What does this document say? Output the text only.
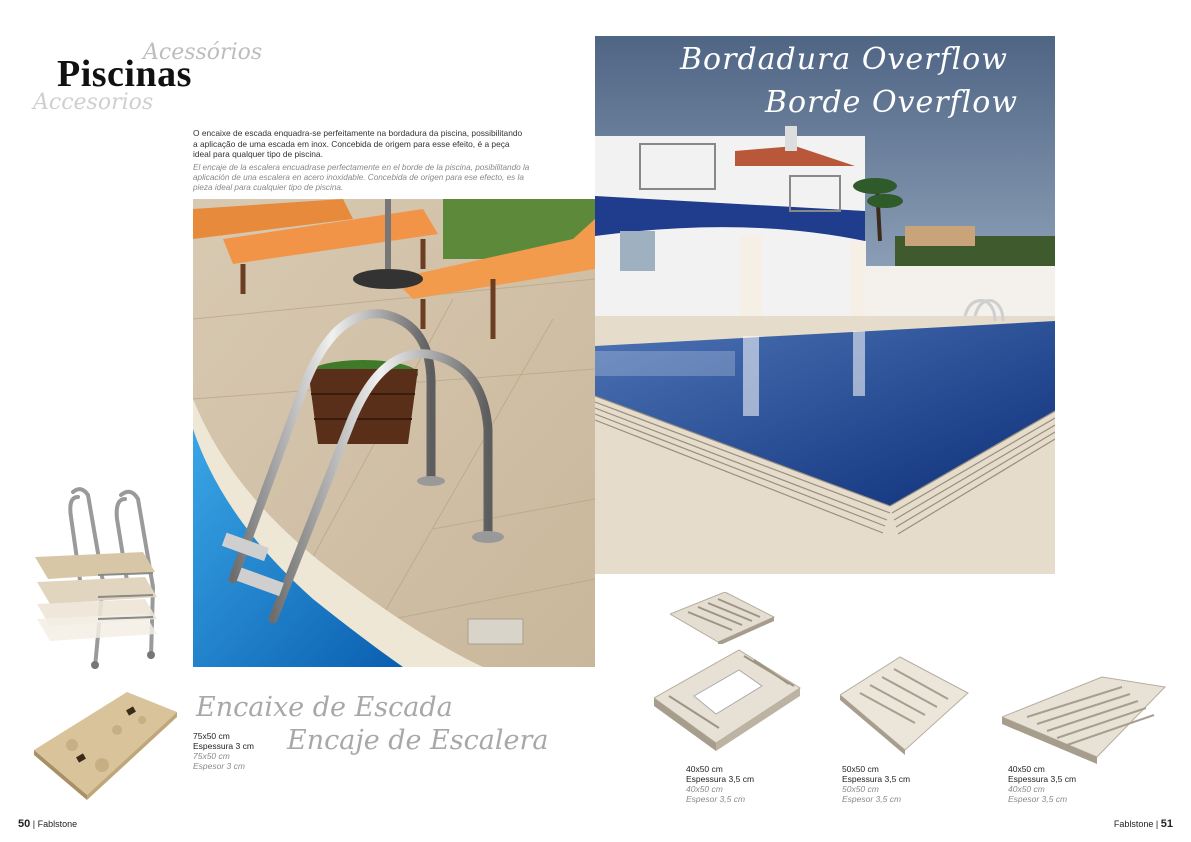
Acessórios
Piscinas
Accesorios
O encaixe de escada enquadra-se perfeitamente na bordadura da piscina, possibilitando a aplicação de uma escada em inox. Concebida de origem para esse efeito, é a peça ideal para qualquer tipo de piscina.
El encaje de la escalera encuadrase perfectamente en el borde de la piscina, posibilitando la aplicación de una escalera en acero inoxidable. Concebida de origen para ese efecto, es la pieza ideal para cualquier tipo de piscina.
Bordadura Overflow
Borde Overflow
Encaixe de Escada
Encaje de Escalera
75x50 cm
Espessura 3 cm
75x50 cm
Espesor 3 cm	40x50 cm
Espessura 3,5 cm
40x50 cm
Espesor 3,5 cm
50x50 cm
Espessura 3,5 cm
50x50 cm
Espesor 3,5 cm
40x50 cm
Espessura 3,5 cm
40x50 cm
Espesor 3,5 cm
50 | Fablstone	Fablstone | 51
